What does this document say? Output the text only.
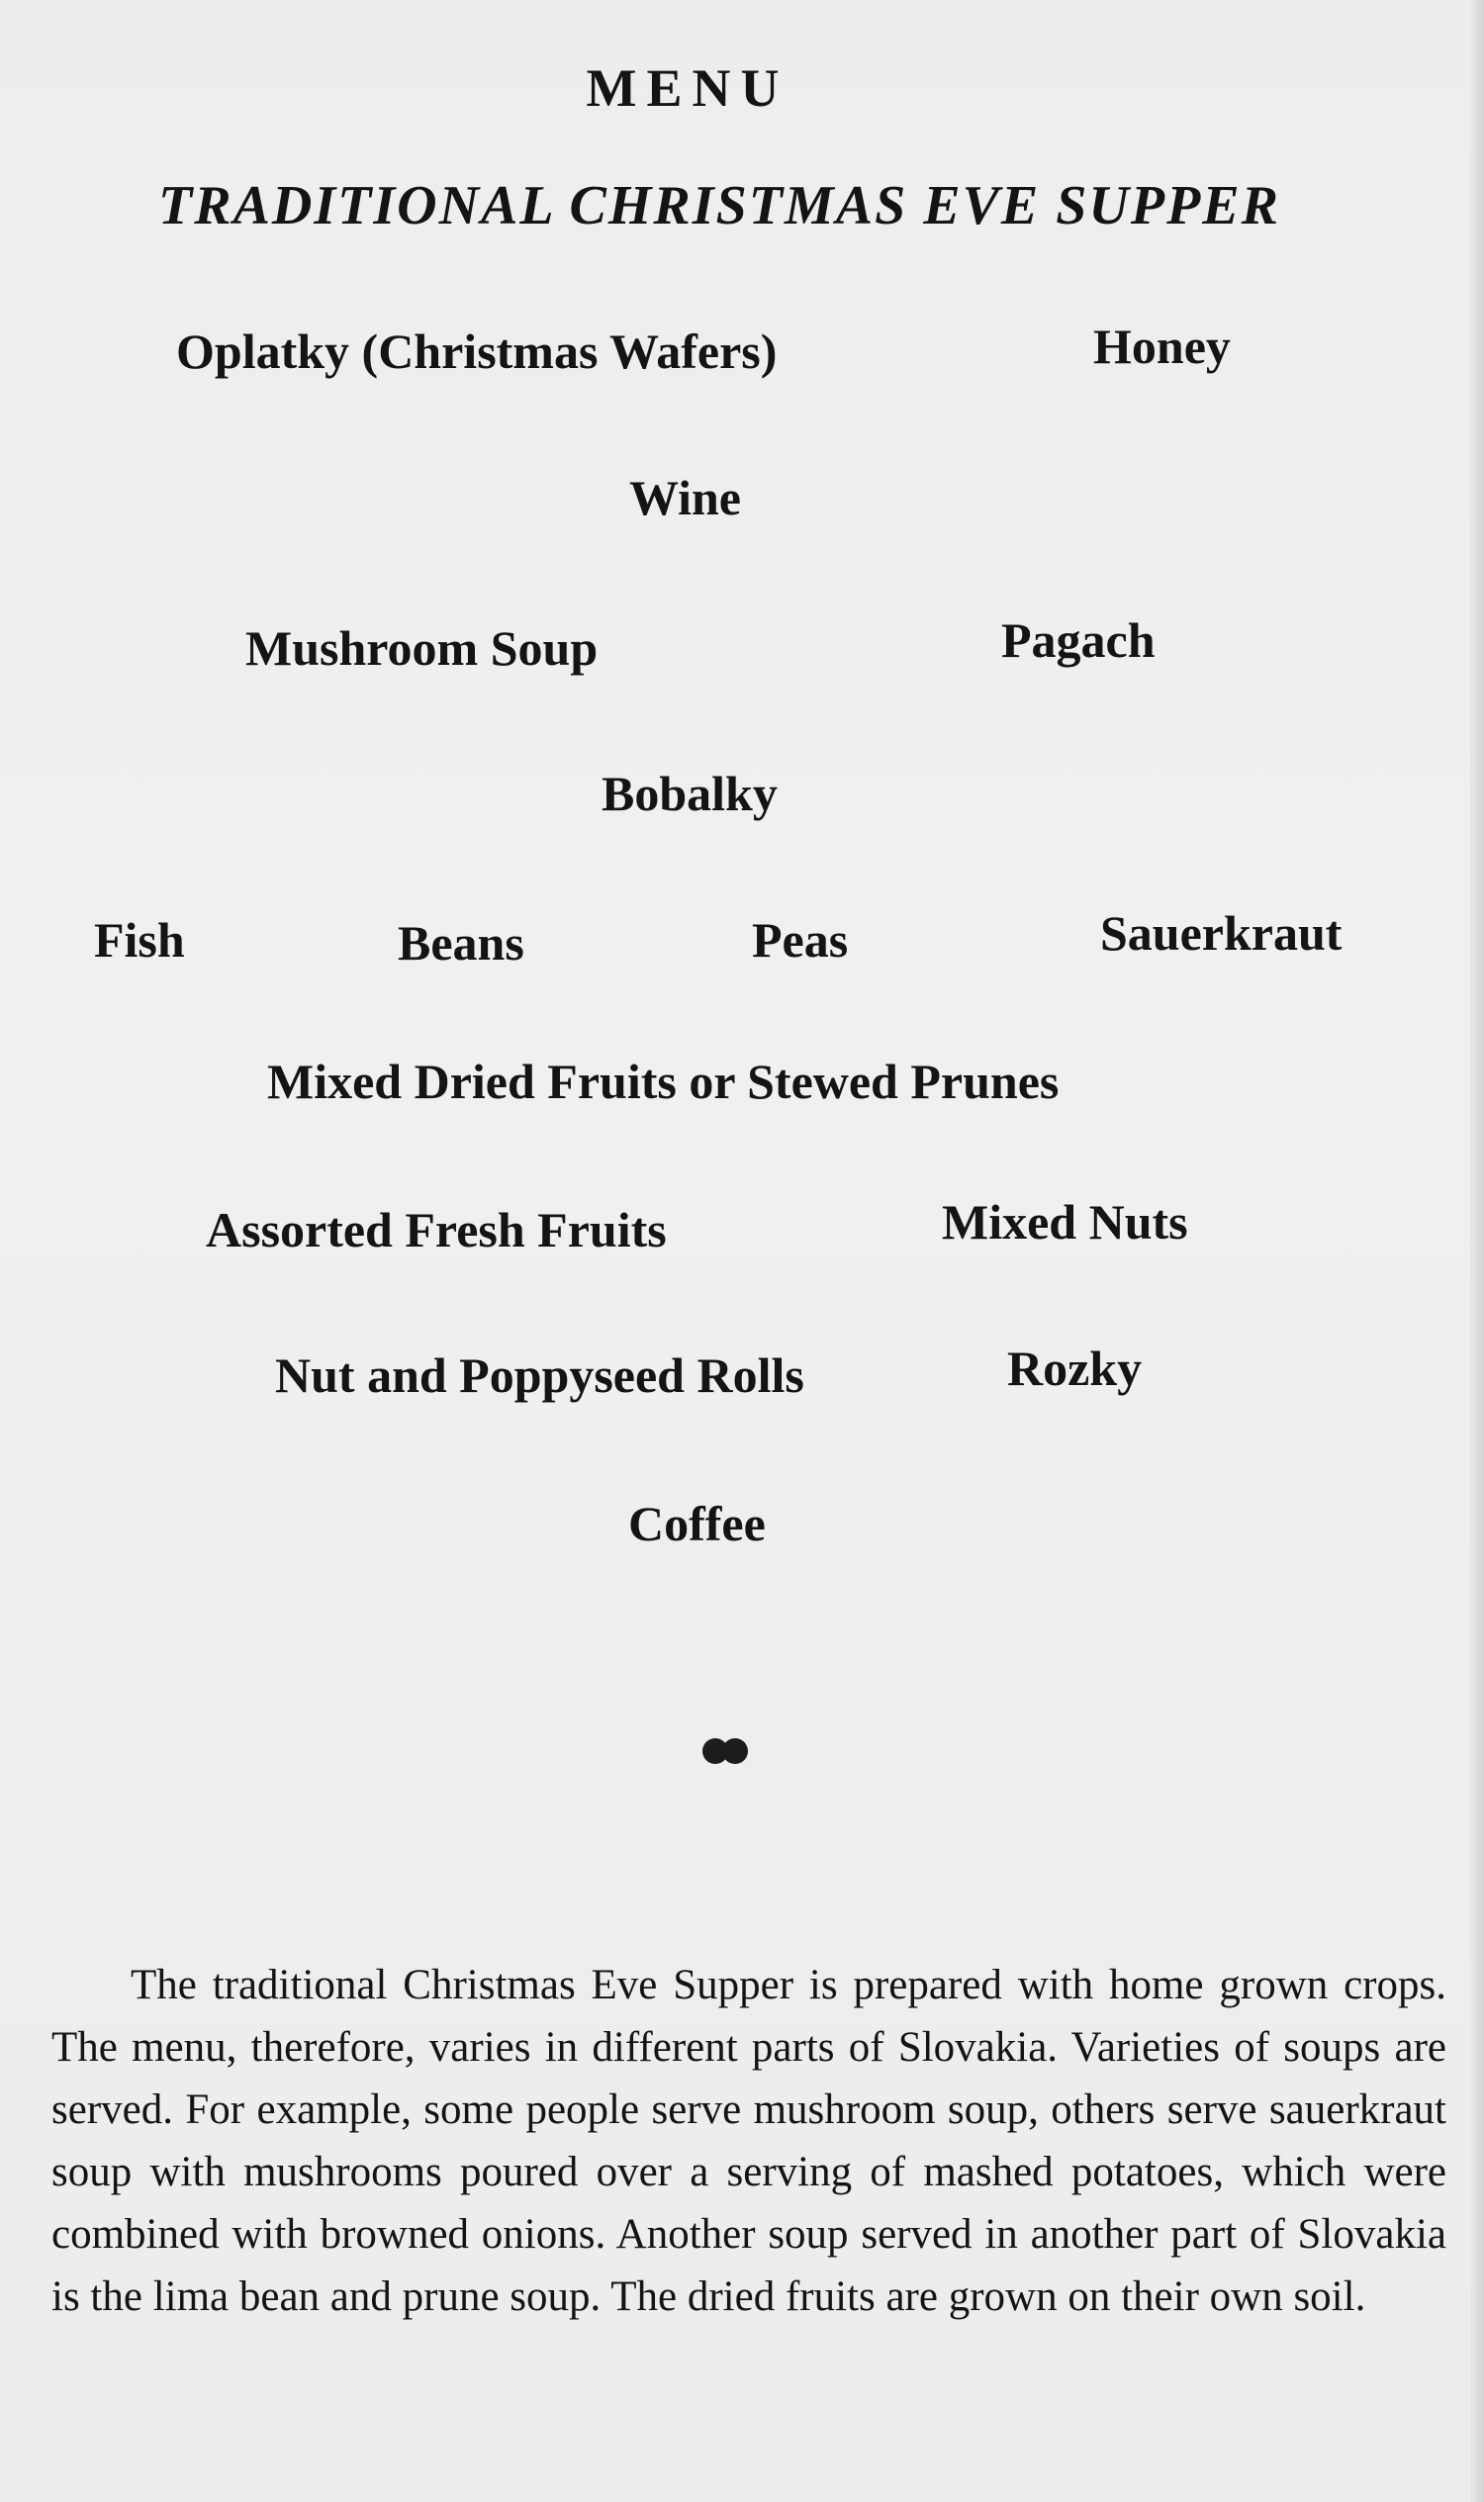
MENU
TRADITIONAL CHRISTMAS EVE SUPPER
Oplatky (Christmas Wafers)	Honey
Wine
Mushroom Soup	Pagach
Bobalky
Fish	Beans	Peas	Sauerkraut
Mixed Dried Fruits or Stewed Prunes
Assorted Fresh Fruits	Mixed Nuts
Nut and Poppyseed Rolls	Rozky
Coffee
The traditional Christmas Eve Supper is prepared with home grown crops. The menu, therefore, varies in different parts of Slovakia. Varieties of soups are served. For example, some people serve mushroom soup, others serve sauerkraut soup with mushrooms poured over a serving of mashed potatoes, which were combined with browned onions. Another soup served in another part of Slovakia is the lima bean and prune soup. The dried fruits are grown on their own soil.
